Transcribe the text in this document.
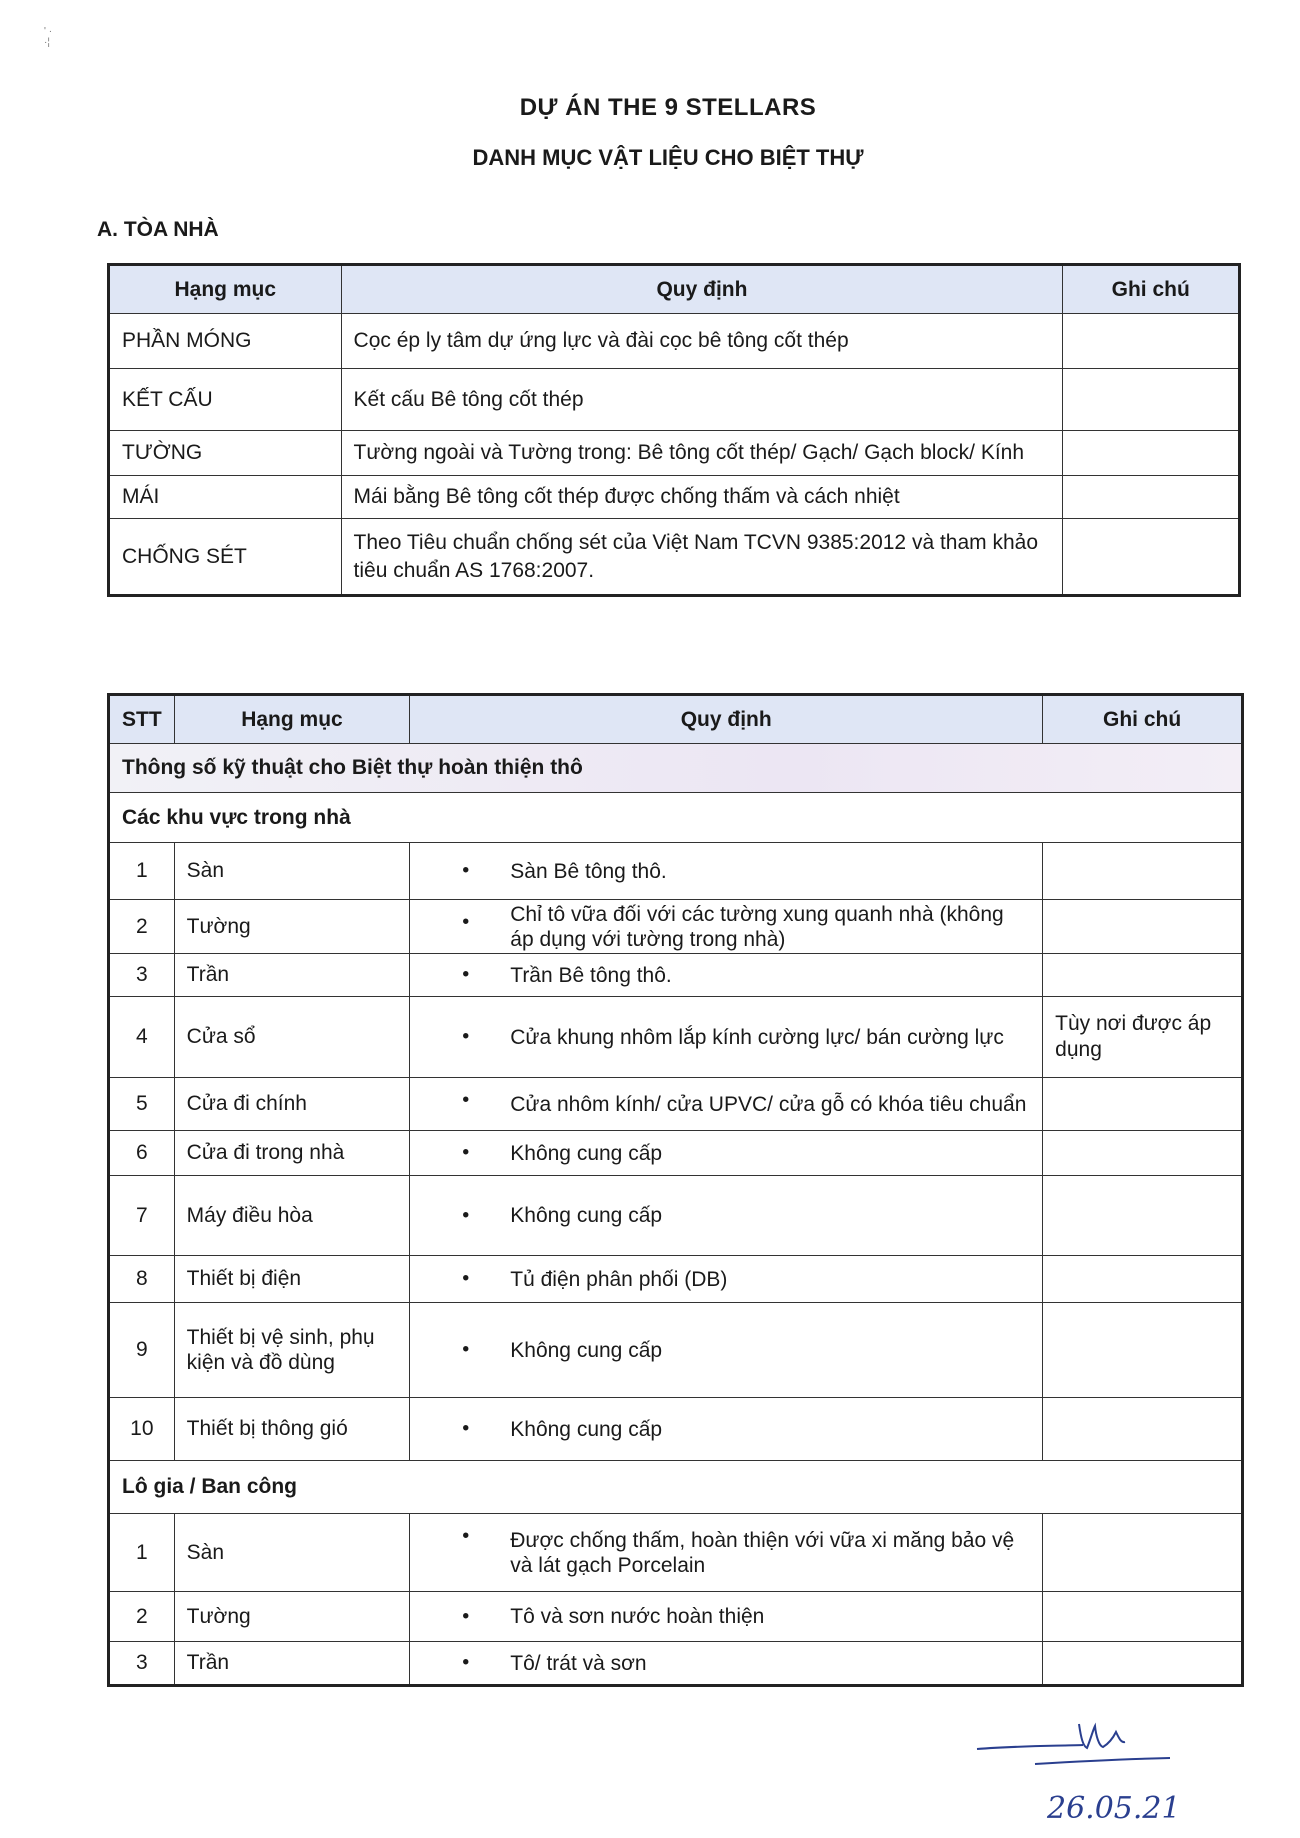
' ·
·¦
DỰ ÁN THE 9 STELLARS
DANH MỤC VẬT LIỆU CHO BIỆT THỰ
A. TÒA NHÀ
Hạng mục	Quy định	Ghi chú
PHẦN MÓNG	Cọc ép ly tâm dự ứng lực và đài cọc bê tông cốt thép	
KẾT CẤU	Kết cấu Bê tông cốt thép	
TƯỜNG	Tường ngoài và Tường trong: Bê tông cốt thép/ Gạch/ Gạch block/ Kính	
MÁI	Mái bằng Bê tông cốt thép được chống thấm và cách nhiệt	
CHỐNG SÉT	Theo Tiêu chuẩn chống sét của Việt Nam TCVN 9385:2012 và tham khảo tiêu chuẩn AS 1768:2007.	
STT	Hạng mục	Quy định	Ghi chú
Thông số kỹ thuật cho Biệt thự hoàn thiện thô			
Các khu vực trong nhà			
1	Sàn	• Sàn Bê tông thô.	
2	Tường	• Chỉ tô vữa đối với các tường xung quanh nhà (không áp dụng với tường trong nhà)	
3	Trần	• Trần Bê tông thô.	
4	Cửa sổ	• Cửa khung nhôm lắp kính cường lực/ bán cường lực	Tùy nơi được áp dụng
5	Cửa đi chính	• Cửa nhôm kính/ cửa UPVC/ cửa gỗ có khóa tiêu chuẩn	
6	Cửa đi trong nhà	• Không cung cấp	
7	Máy điều hòa	• Không cung cấp	
8	Thiết bị điện	• Tủ điện phân phối (DB)	
9	Thiết bị vệ sinh, phụ kiện và đồ dùng	• Không cung cấp	
10	Thiết bị thông gió	• Không cung cấp	
Lô gia / Ban công			
1	Sàn	• Được chống thấm, hoàn thiện với vữa xi măng bảo vệ và lát gạch Porcelain	
2	Tường	• Tô và sơn nước hoàn thiện	
3	Trần	• Tô/ trát và sơn	
26.05.21
